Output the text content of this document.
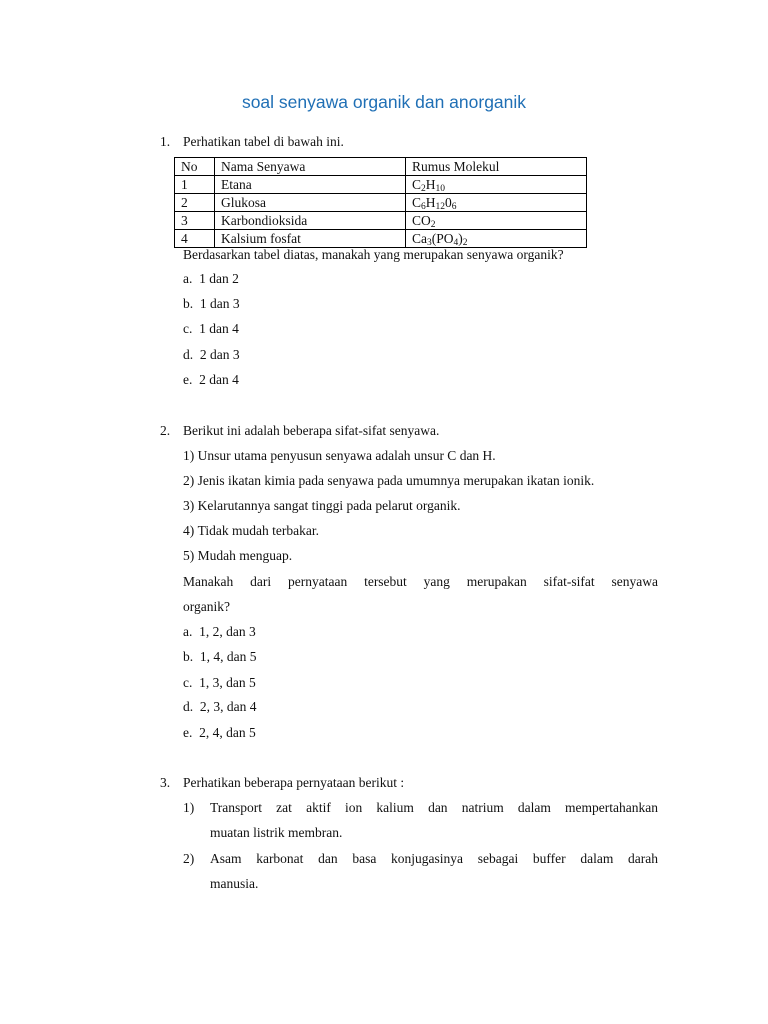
soal senyawa organik dan anorganik
1. Perhatikan tabel di bawah ini.
No	Nama Senyawa	Rumus Molekul
1	Etana	$C_2H_{10}$
2	Glukosa	$C_6H_{12}0_6$
3	Karbondioksida	$CO_2$
4	Kalsium fosfat	$Ca_3(PO_4)_2$
Berdasarkan tabel diatas, manakah yang merupakan senyawa organik?
a. 1 dan 2
b. 1 dan 3
c. 1 dan 4
d. 2 dan 3
e. 2 dan 4
2. Berikut ini adalah beberapa sifat-sifat senyawa.
1) Unsur utama penyusun senyawa adalah unsur C dan H.
2) Jenis ikatan kimia pada senyawa pada umumnya merupakan ikatan ionik.
3) Kelarutannya sangat tinggi pada pelarut organik.
4) Tidak mudah terbakar.
5) Mudah menguap.
Manakah dari pernyataan tersebut yang merupakan sifat-sifat senyawa
organik?
a. 1, 2, dan 3
b. 1, 4, dan 5
c. 1, 3, dan 5
d. 2, 3, dan 4
e. 2, 4, dan 5
3. Perhatikan beberapa pernyataan berikut :
1) Transport zat aktif ion kalium dan natrium dalam mempertahankan
muatan listrik membran.
2) Asam karbonat dan basa konjugasinya sebagai buffer dalam darah
manusia.
